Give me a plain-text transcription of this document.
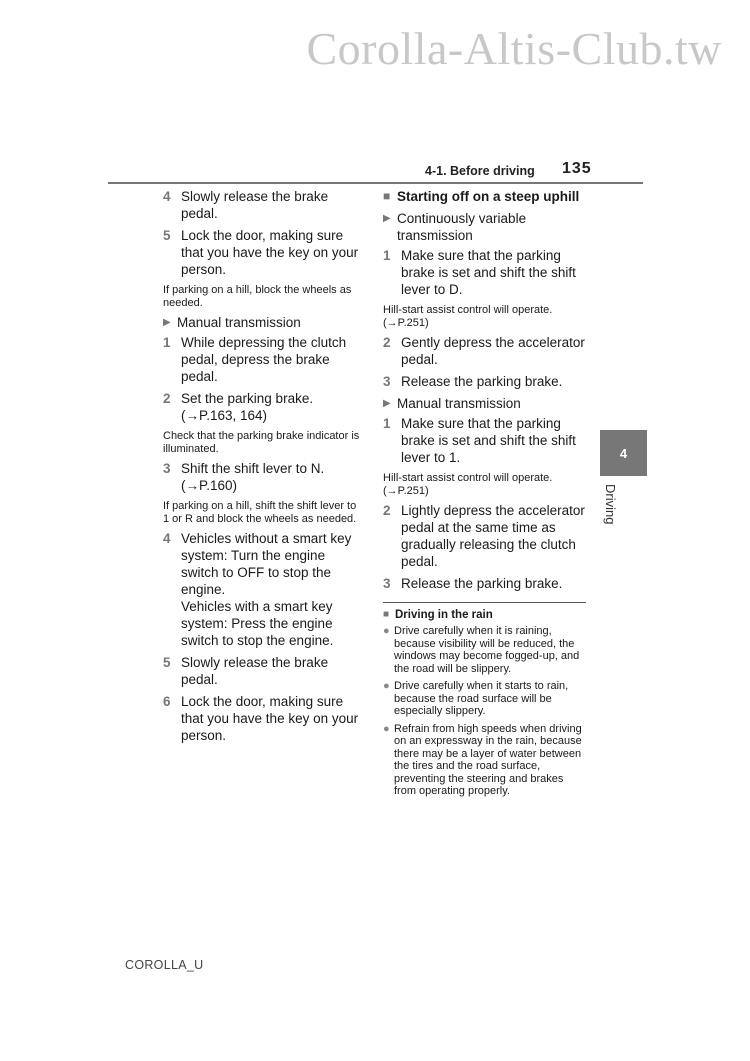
Corolla-Altis-Club.tw
4-1. Before driving 135
4 Slowly release the brake pedal.
5 Lock the door, making sure that you have the key on your person.
If parking on a hill, block the wheels as needed.
▶ Manual transmission
1 While depressing the clutch pedal, depress the brake pedal.
2 Set the parking brake.
(→P.163, 164)
Check that the parking brake indicator is illuminated.
3 Shift the shift lever to N.
(→P.160)
If parking on a hill, shift the shift lever to 1 or R and block the wheels as needed.
4 Vehicles without a smart key system: Turn the engine switch to OFF to stop the engine.
Vehicles with a smart key system: Press the engine switch to stop the engine.
5 Slowly release the brake pedal.
6 Lock the door, making sure that you have the key on your person.
■ Starting off on a steep uphill
▶ Continuously variable transmission
1 Make sure that the parking brake is set and shift the shift lever to D.
Hill-start assist control will operate. (→P.251)
2 Gently depress the accelerator pedal.
3 Release the parking brake.
▶ Manual transmission
1 Make sure that the parking brake is set and shift the shift lever to 1.
Hill-start assist control will operate. (→P.251)
2 Lightly depress the accelerator pedal at the same time as gradually releasing the clutch pedal.
3 Release the parking brake.
■ Driving in the rain
● Drive carefully when it is raining, because visibility will be reduced, the windows may become fogged-up, and the road will be slippery.
● Drive carefully when it starts to rain, because the road surface will be especially slippery.
● Refrain from high speeds when driving on an expressway in the rain, because there may be a layer of water between the tires and the road surface, preventing the steering and brakes from operating properly.
4
Driving
COROLLA_U
